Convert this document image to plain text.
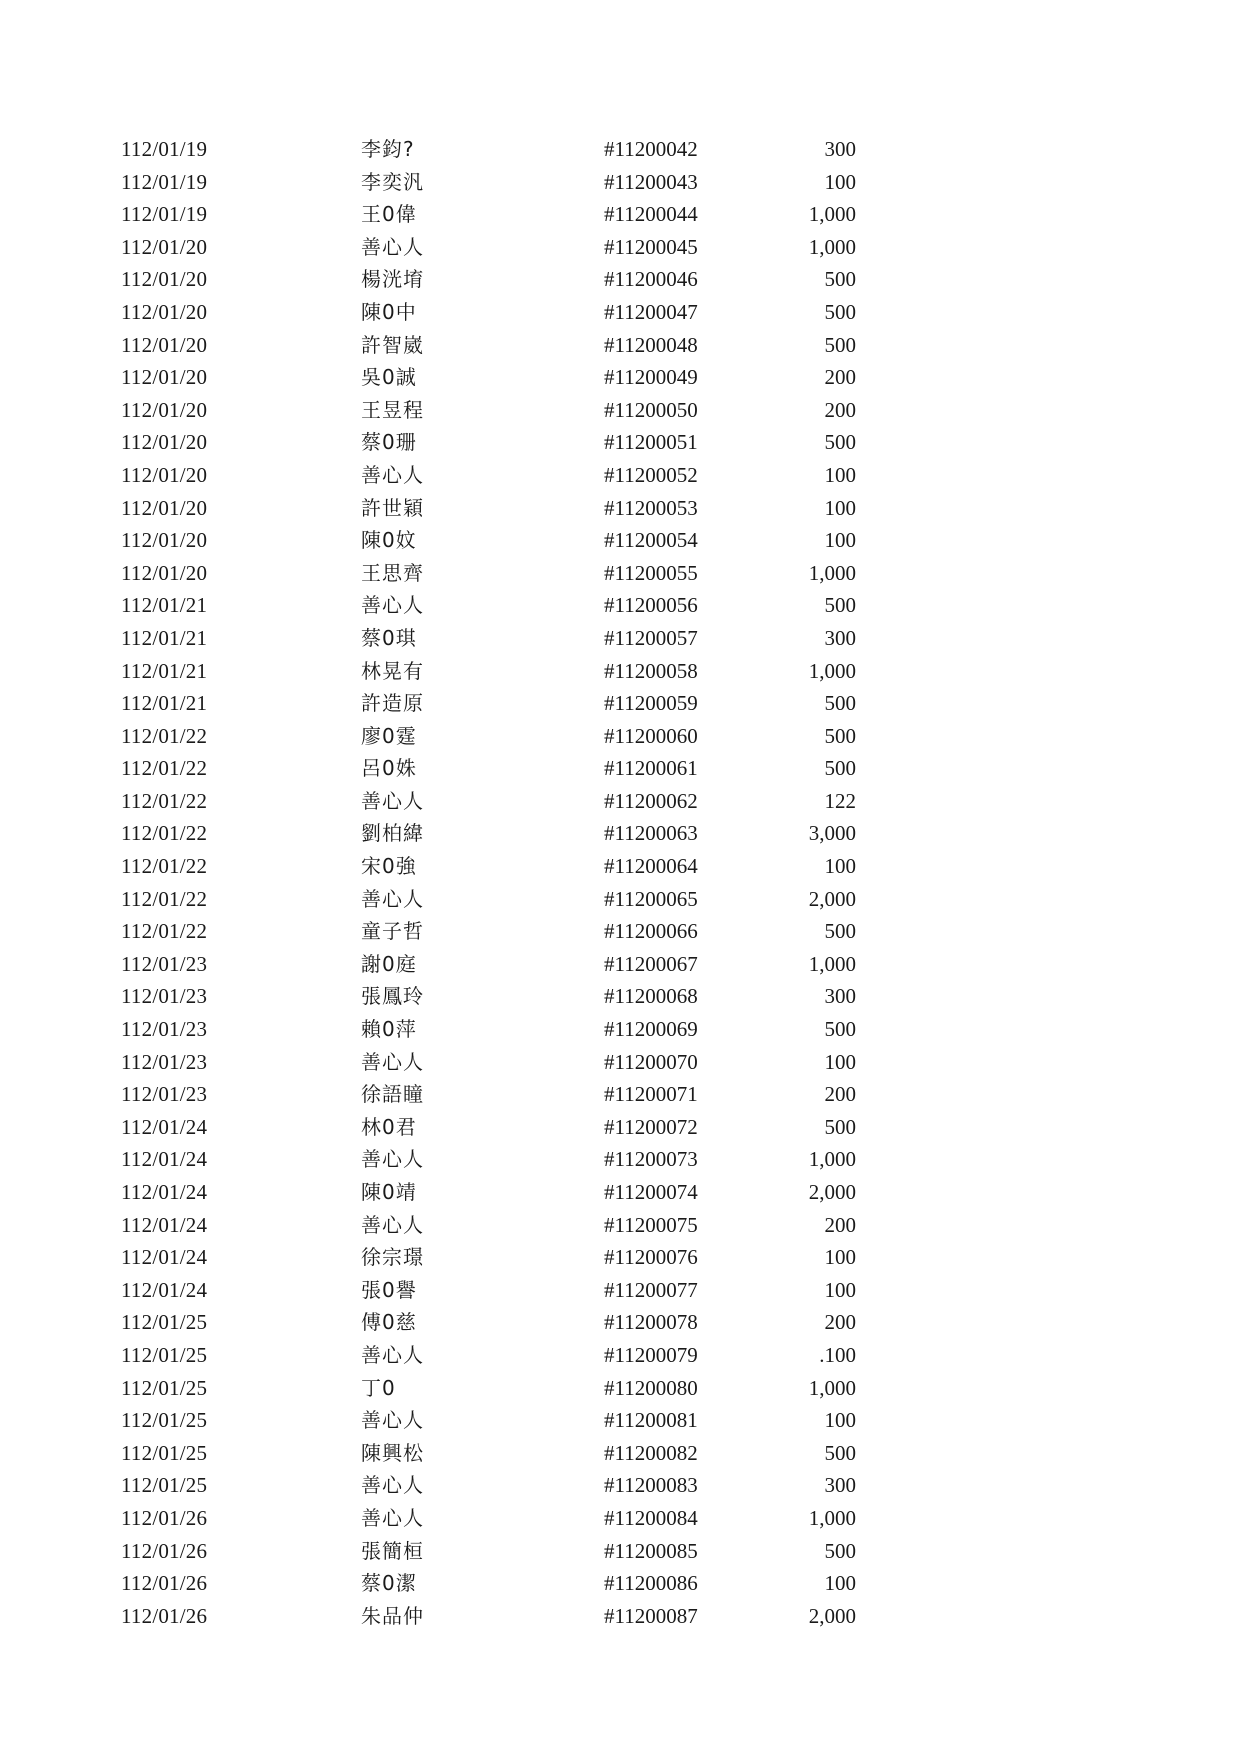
112/01/19	李鈞?	#11200042	300
112/01/19	李奕汎	#11200043	100
112/01/19	王0偉	#11200044	1,000
112/01/20	善心人	#11200045	1,000
112/01/20	楊洸堉	#11200046	500
112/01/20	陳0中	#11200047	500
112/01/20	許智崴	#11200048	500
112/01/20	吳0誠	#11200049	200
112/01/20	王昱程	#11200050	200
112/01/20	蔡0珊	#11200051	500
112/01/20	善心人	#11200052	100
112/01/20	許世穎	#11200053	100
112/01/20	陳0妏	#11200054	100
112/01/20	王思齊	#11200055	1,000
112/01/21	善心人	#11200056	500
112/01/21	蔡0琪	#11200057	300
112/01/21	林晃有	#11200058	1,000
112/01/21	許造原	#11200059	500
112/01/22	廖0霆	#11200060	500
112/01/22	呂0姝	#11200061	500
112/01/22	善心人	#11200062	122
112/01/22	劉柏緯	#11200063	3,000
112/01/22	宋0強	#11200064	100
112/01/22	善心人	#11200065	2,000
112/01/22	童子哲	#11200066	500
112/01/23	謝0庭	#11200067	1,000
112/01/23	張鳳玲	#11200068	300
112/01/23	賴0萍	#11200069	500
112/01/23	善心人	#11200070	100
112/01/23	徐語瞳	#11200071	200
112/01/24	林0君	#11200072	500
112/01/24	善心人	#11200073	1,000
112/01/24	陳0靖	#11200074	2,000
112/01/24	善心人	#11200075	200
112/01/24	徐宗璟	#11200076	100
112/01/24	張0譽	#11200077	100
112/01/25	傅0慈	#11200078	200
112/01/25	善心人	#11200079	.100
112/01/25	丁0	#11200080	1,000
112/01/25	善心人	#11200081	100
112/01/25	陳興松	#11200082	500
112/01/25	善心人	#11200083	300
112/01/26	善心人	#11200084	1,000
112/01/26	張簡桓	#11200085	500
112/01/26	蔡0潔	#11200086	100
112/01/26	朱品仲	#11200087	2,000
